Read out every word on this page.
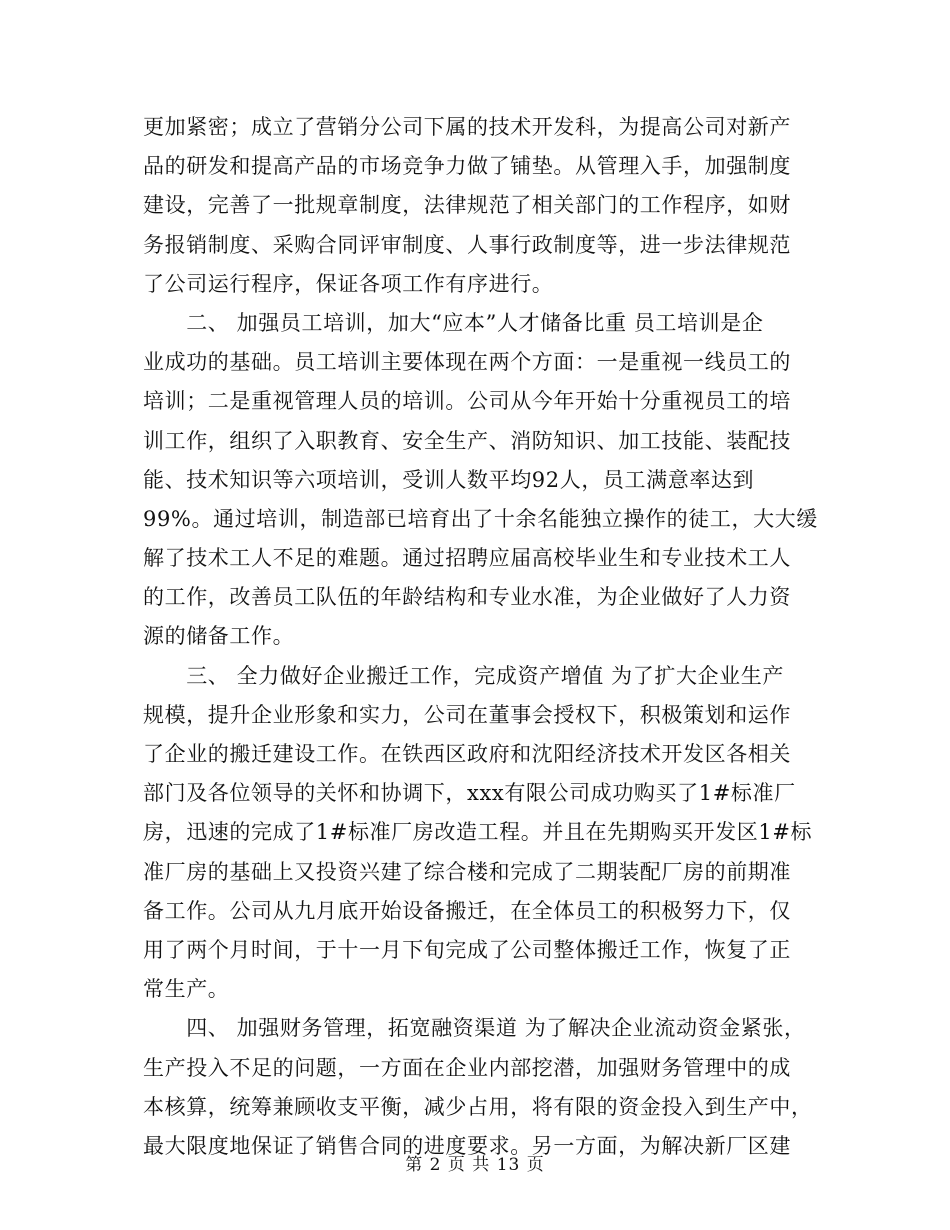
更加紧密；成立了营销分公司下属的技术开发科，为提高公司对新产
品的研发和提高产品的市场竞争力做了铺垫。从管理入手，加强制度
建设，完善了一批规章制度，法律规范了相关部门的工作程序，如财
务报销制度、采购合同评审制度、人事行政制度等，进一步法律规范
了公司运行程序，保证各项工作有序进行。
　　二、 加强员工培训，加大“应本”人才储备比重 员工培训是企
业成功的基础。员工培训主要体现在两个方面：一是重视一线员工的
培训；二是重视管理人员的培训。公司从今年开始十分重视员工的培
训工作，组织了入职教育、安全生产、消防知识、加工技能、装配技
能、技术知识等六项培训，受训人数平均92人，员工满意率达到
99%。通过培训，制造部已培育出了十余名能独立操作的徒工，大大缓
解了技术工人不足的难题。通过招聘应届高校毕业生和专业技术工人
的工作，改善员工队伍的年龄结构和专业水准，为企业做好了人力资
源的储备工作。
　　三、 全力做好企业搬迁工作，完成资产增值 为了扩大企业生产
规模，提升企业形象和实力，公司在董事会授权下，积极策划和运作
了企业的搬迁建设工作。在铁西区政府和沈阳经济技术开发区各相关
部门及各位领导的关怀和协调下，xxx有限公司成功购买了1#标准厂
房，迅速的完成了1#标准厂房改造工程。并且在先期购买开发区1#标
准厂房的基础上又投资兴建了综合楼和完成了二期装配厂房的前期准
备工作。公司从九月底开始设备搬迁，在全体员工的积极努力下，仅
用了两个月时间，于十一月下旬完成了公司整体搬迁工作，恢复了正
常生产。
　　四、 加强财务管理，拓宽融资渠道 为了解决企业流动资金紧张，
生产投入不足的问题，一方面在企业内部挖潜，加强财务管理中的成
本核算，统筹兼顾收支平衡，减少占用，将有限的资金投入到生产中，
最大限度地保证了销售合同的进度要求。另一方面，为解决新厂区建
第 2 页 共 13 页
